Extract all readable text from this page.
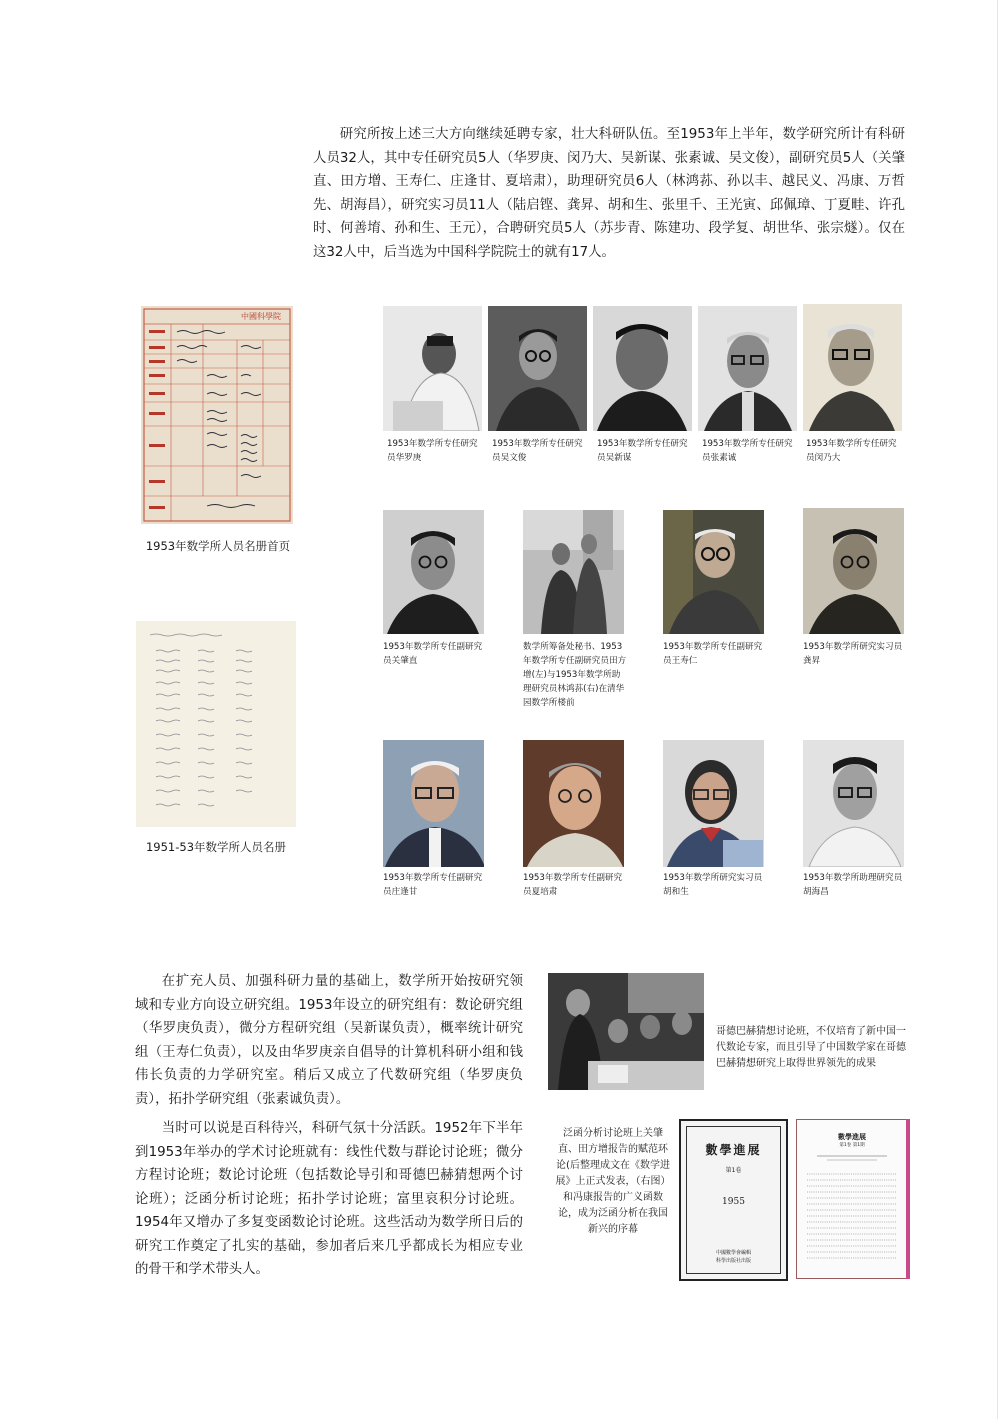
研究所按上述三大方向继续延聘专家，壮大科研队伍。至1953年上半年，数学研究所计有科研人员32人，其中专任研究员5人（华罗庚、闵乃大、吴新谋、张素诚、吴文俊），副研究员5人（关肇直、田方增、王寿仁、庄逢甘、夏培肃），助理研究员6人（林鸿荪、孙以丰、越民义、冯康、万哲先、胡海昌），研究实习员11人（陆启铿、龚昇、胡和生、张里千、王光寅、邱佩璋、丁夏畦、许孔时、何善堉、孙和生、王元），合聘研究员5人（苏步青、陈建功、段学复、胡世华、张宗燧）。仅在这32人中，后当选为中国科学院院士的就有17人。

中國科學院
1953年数学所人员名册首页
1951-53年数学所人员名册
1953年数学所专任研究员华罗庚
1953年数学所专任研究员吴文俊
1953年数学所专任研究员吴新谋
1953年数学所专任研究员张素诚
1953年数学所专任研究员闵乃大
1953年数学所专任副研究员关肇直
数学所筹备处秘书、1953年数学所专任副研究员田方增(左)与1953年数学所助理研究员林鸿荪(右)在清华园数学所楼前
1953年数学所专任副研究员王寿仁
1953年数学所研究实习员龚昇
1953年数学所专任副研究员庄逢甘
1953年数学所专任副研究员夏培肃
1953年数学所研究实习员胡和生
1953年数学所助理研究员胡海昌

在扩充人员、加强科研力量的基础上，数学所开始按研究领域和专业方向设立研究组。1953年设立的研究组有：数论研究组（华罗庚负责），微分方程研究组（吴新谋负责），概率统计研究组（王寿仁负责），以及由华罗庚亲自倡导的计算机科研小组和钱伟长负责的力学研究室。稍后又成立了代数研究组（华罗庚负责），拓扑学研究组（张素诚负责）。

当时可以说是百科待兴，科研气氛十分活跃。1952年下半年到1953年举办的学术讨论班就有：线性代数与群论讨论班；微分方程讨论班；数论讨论班（包括数论导引和哥德巴赫猜想两个讨论班）；泛函分析讨论班；拓扑学讨论班；富里哀积分讨论班。1954年又增办了多复变函数论讨论班。这些活动为数学所日后的研究工作奠定了扎实的基础，参加者后来几乎都成长为相应专业的骨干和学术带头人。

哥德巴赫猜想讨论班，不仅培育了新中国一代数论专家，而且引导了中国数学家在哥德巴赫猜想研究上取得世界领先的成果
泛函分析讨论班上关肇直、田方增报告的赋范环论(后整理成文在《数学进展》上正式发表，（右图）和冯康报告的广义函数论，成为泛函分析在我国新兴的序幕
數學進展
第1卷
1955
中國數學會編輯
科學出版社出版
數學進展
第1卷 第1期
